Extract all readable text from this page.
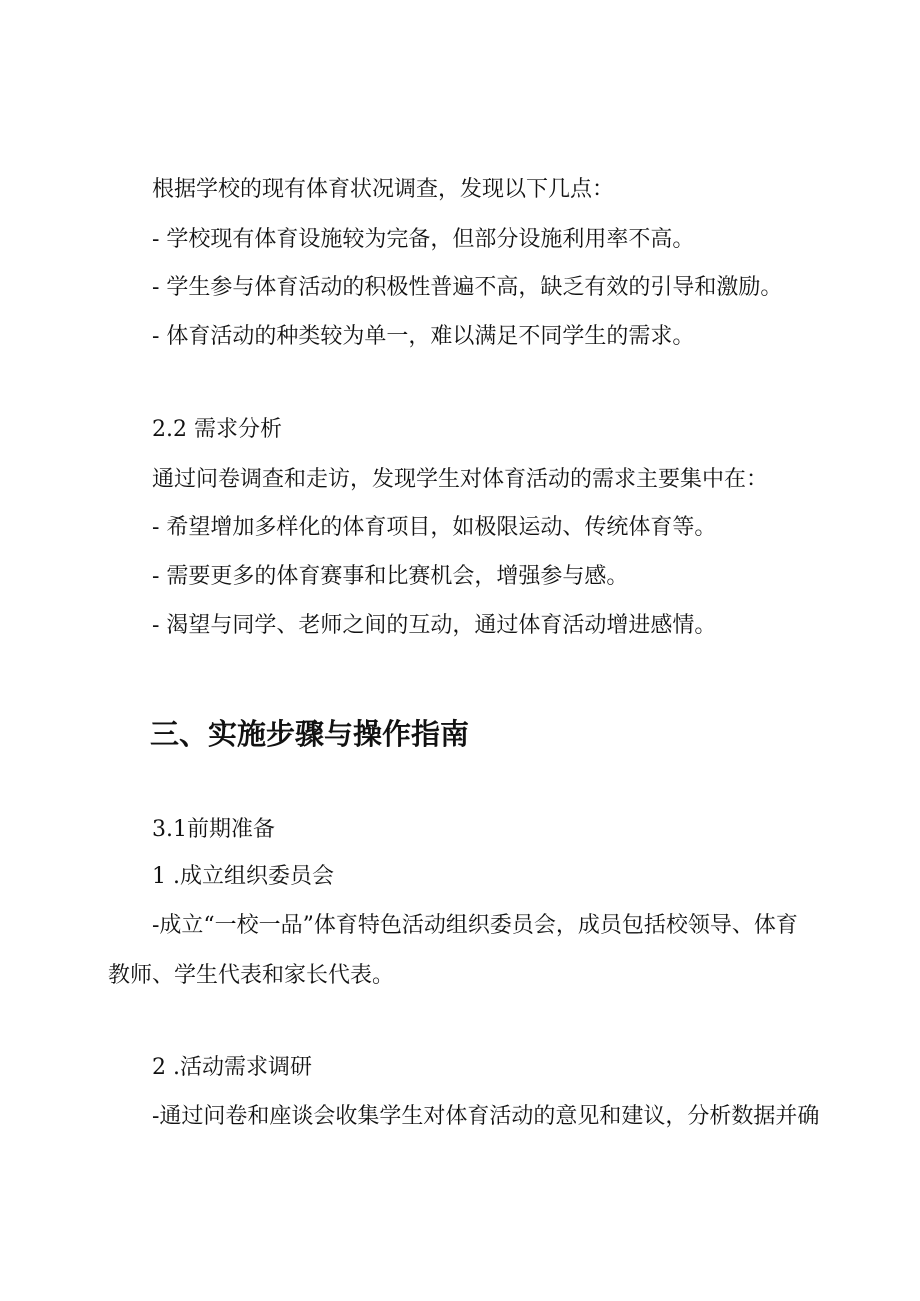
根据学校的现有体育状况调查，发现以下几点：

- 学校现有体育设施较为完备，但部分设施利用率不高。

- 学生参与体育活动的积极性普遍不高，缺乏有效的引导和激励。

- 体育活动的种类较为单一，难以满足不同学生的需求。

2.2 需求分析

通过问卷调查和走访，发现学生对体育活动的需求主要集中在：

- 希望增加多样化的体育项目，如极限运动、传统体育等。

- 需要更多的体育赛事和比赛机会，增强参与感。

- 渴望与同学、老师之间的互动，通过体育活动增进感情。

三、实施步骤与操作指南

3.1前期准备

1 .成立组织委员会

-成立“一校一品”体育特色活动组织委员会，成员包括校领导、体育

教师、学生代表和家长代表。

2 .活动需求调研

-通过问卷和座谈会收集学生对体育活动的意见和建议，分析数据并确
